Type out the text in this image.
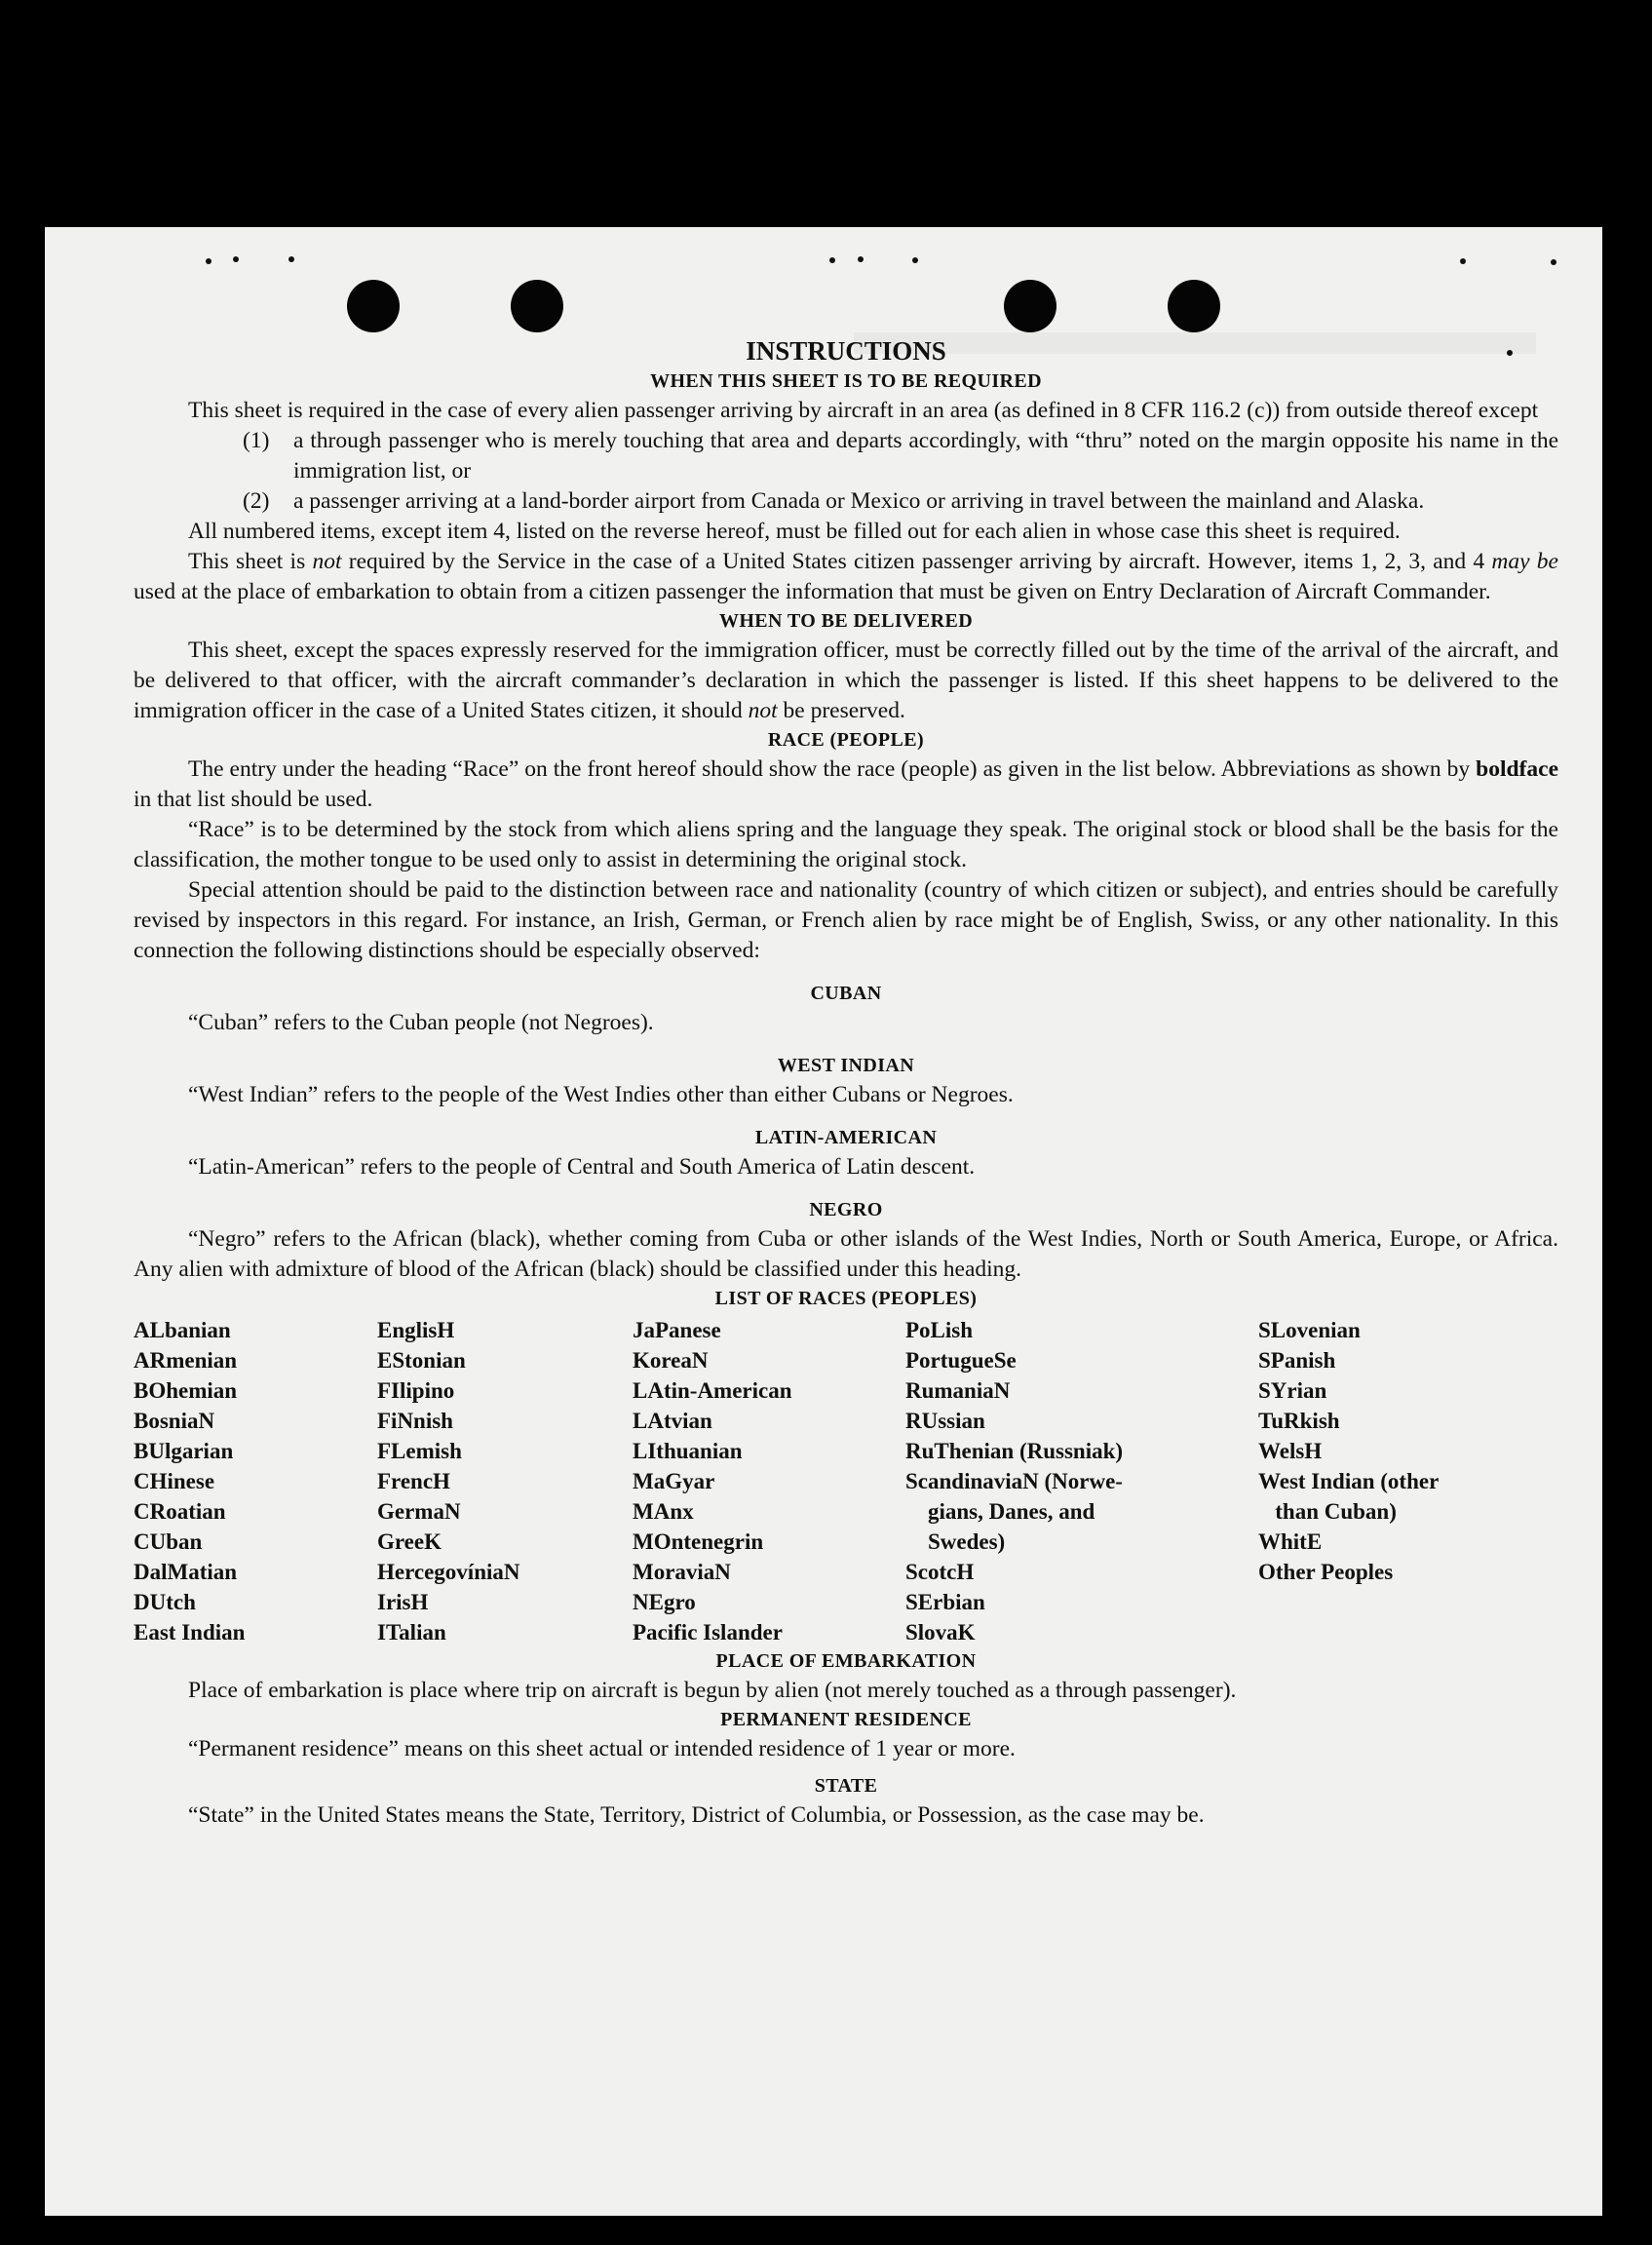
INSTRUCTIONS
WHEN THIS SHEET IS TO BE REQUIRED

This sheet is required in the case of every alien passenger arriving by aircraft in an area (as defined in 8 CFR 116.2 (c)) from outside thereof except

(1)	a through passenger who is merely touching that area and departs accordingly, with “thru” noted on the margin opposite his name in the immigration list, or
(2)	a passenger arriving at a land-border airport from Canada or Mexico or arriving in travel between the mainland and Alaska.

All numbered items, except item 4, listed on the reverse hereof, must be filled out for each alien in whose case this sheet is required.

This sheet is not required by the Service in the case of a United States citizen passenger arriving by aircraft. However, items 1, 2, 3, and 4 may be used at the place of embarkation to obtain from a citizen passenger the information that must be given on Entry Declaration of Aircraft Commander.

WHEN TO BE DELIVERED

This sheet, except the spaces expressly reserved for the immigration officer, must be correctly filled out by the time of the arrival of the aircraft, and be delivered to that officer, with the aircraft commander’s declaration in which the passenger is listed. If this sheet happens to be delivered to the immigration officer in the case of a United States citizen, it should not be preserved.

RACE (PEOPLE)

The entry under the heading “Race” on the front hereof should show the race (people) as given in the list below. Abbreviations as shown by boldface in that list should be used.

“Race” is to be determined by the stock from which aliens spring and the language they speak. The original stock or blood shall be the basis for the classification, the mother tongue to be used only to assist in determining the original stock.

Special attention should be paid to the distinction between race and nationality (country of which citizen or subject), and entries should be carefully revised by inspectors in this regard. For instance, an Irish, German, or French alien by race might be of English, Swiss, or any other nationality. In this connection the following distinctions should be especially observed:

CUBAN

“Cuban” refers to the Cuban people (not Negroes).

WEST INDIAN

“West Indian” refers to the people of the West Indies other than either Cubans or Negroes.

LATIN-AMERICAN

“Latin-American” refers to the people of Central and South America of Latin descent.

NEGRO

“Negro” refers to the African (black), whether coming from Cuba or other islands of the West Indies, North or South America, Europe, or Africa. Any alien with admixture of blood of the African (black) should be classified under this heading.

LIST OF RACES (PEOPLES)
ALbanian
ARmenian
BOhemian
BosniaN
BUlgarian
CHinese
CRoatian
CUban
DalMatian
DUtch
East Indian
EnglisH
EStonian
FIlipino
FiNnish
FLemish
FrencH
GermaN
GreeK
HercegovíniaN
IrisH
ITalian
JaPanese
KoreaN
LAtin-American
LAtvian
LIthuanian
MaGyar
MAnx
MOntenegrin
MoraviaN
NEgro
Pacific Islander
PoLish
PortugueSe
RumaniaN
RUssian
RuThenian (Russniak)
ScandinaviaN (Norwe-
gians, Danes, and
Swedes)
ScotcH
SErbian
SlovaK
SLovenian
SPanish
SYrian
TuRkish
WelsH
West Indian (other
than Cuban)
WhitE
Other Peoples
PLACE OF EMBARKATION

Place of embarkation is place where trip on aircraft is begun by alien (not merely touched as a through passenger).

PERMANENT RESIDENCE

“Permanent residence” means on this sheet actual or intended residence of 1 year or more.

STATE

“State” in the United States means the State, Territory, District of Columbia, or Possession, as the case may be.
